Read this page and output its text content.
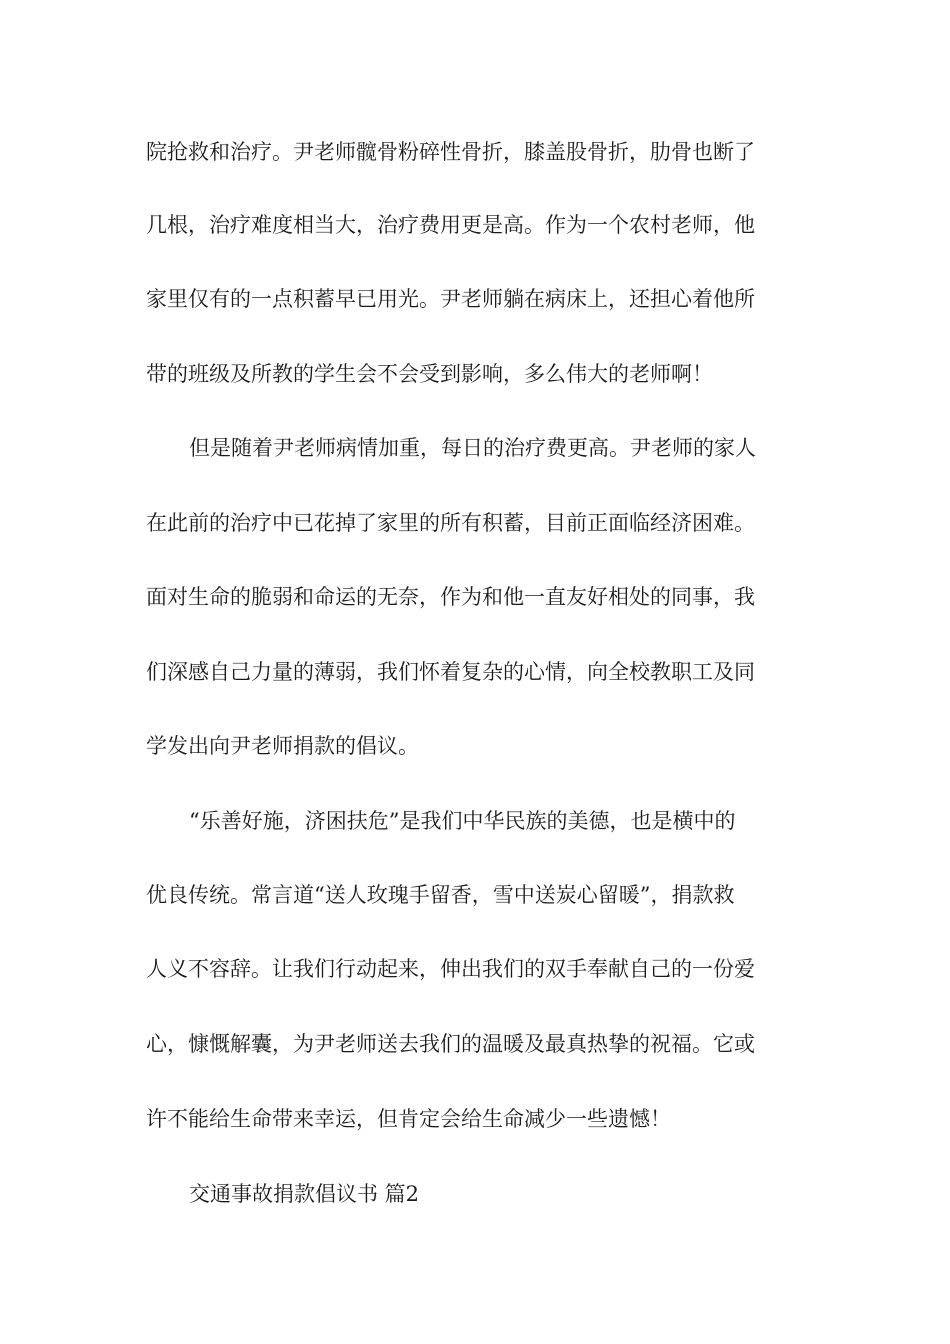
院抢救和治疗。尹老师髋骨粉碎性骨折，膝盖股骨折，肋骨也断了
几根，治疗难度相当大，治疗费用更是高。作为一个农村老师，他
家里仅有的一点积蓄早已用光。尹老师躺在病床上，还担心着他所
带的班级及所教的学生会不会受到影响，多么伟大的老师啊！
但是随着尹老师病情加重，每日的治疗费更高。尹老师的家人
在此前的治疗中已花掉了家里的所有积蓄，目前正面临经济困难。
面对生命的脆弱和命运的无奈，作为和他一直友好相处的同事，我
们深感自己力量的薄弱，我们怀着复杂的心情，向全校教职工及同
学发出向尹老师捐款的倡议。
“乐善好施，济困扶危”是我们中华民族的美德，也是横中的
优良传统。常言道“送人玫瑰手留香，雪中送炭心留暖”，捐款救
人义不容辞。让我们行动起来，伸出我们的双手奉献自己的一份爱
心，慷慨解囊，为尹老师送去我们的温暖及最真热挚的祝福。它或
许不能给生命带来幸运，但肯定会给生命减少一些遗憾！
交通事故捐款倡议书 篇2
